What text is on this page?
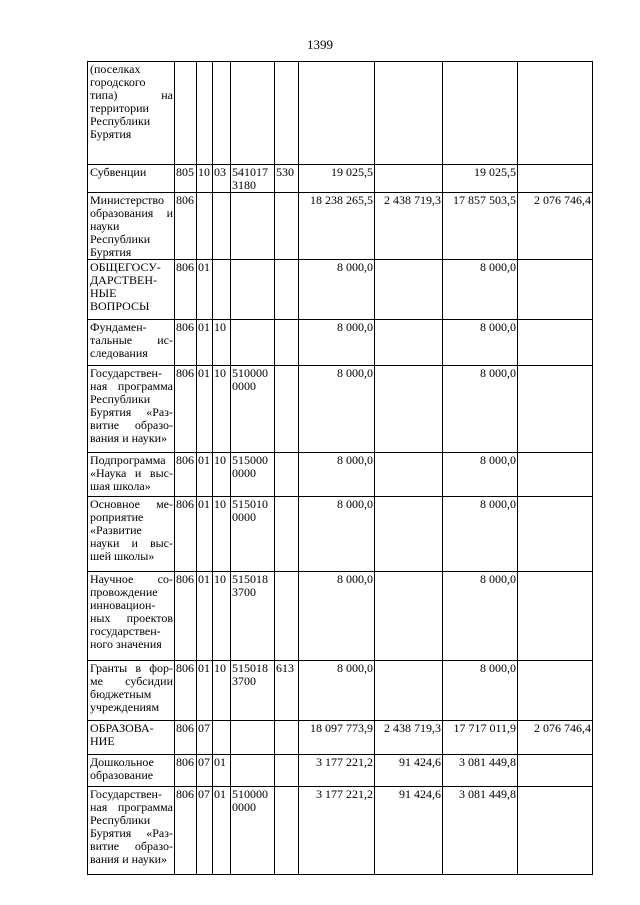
1399
(поселках городского типа) на территории Республики Бурятия									
Субвенции	805	10	03	5410173180	530	19 025,5		19 025,5	
Министерство образования и науки Республики Бурятия	806					18 238 265,5	2 438 719,3	17 857 503,5	2 076 746,4
ОБЩЕГОСУ-ДАРСТВЕН-НЫЕ ВОПРОСЫ	806	01				8 000,0		8 000,0	
Фундамен-тальные ис-следования	806	01	10			8 000,0		8 000,0	
Государствен-ная программа Республики Бурятия «Раз-витие образо-вания и науки»	806	01	10	5100000000		8 000,0		8 000,0	
Подпрограмма «Наука и выс-шая школа»	806	01	10	5150000000		8 000,0		8 000,0	
Основное ме-роприятие «Развитие науки и выс-шей школы»	806	01	10	5150100000		8 000,0		8 000,0	
Научное со-провождение инновацион-ных проектов государствен-ного значения	806	01	10	5150183700		8 000,0		8 000,0	
Гранты в фор-ме субсидии бюджетным учреждениям	806	01	10	5150183700	613	8 000,0		8 000,0	
ОБРАЗОВА-НИЕ	806	07				18 097 773,9	2 438 719,3	17 717 011,9	2 076 746,4
Дошкольное образование	806	07	01			3 177 221,2	91 424,6	3 081 449,8	
Государствен-ная программа Республики Бурятия «Раз-витие образо-вания и науки»	806	07	01	5100000000		3 177 221,2	91 424,6	3 081 449,8	
